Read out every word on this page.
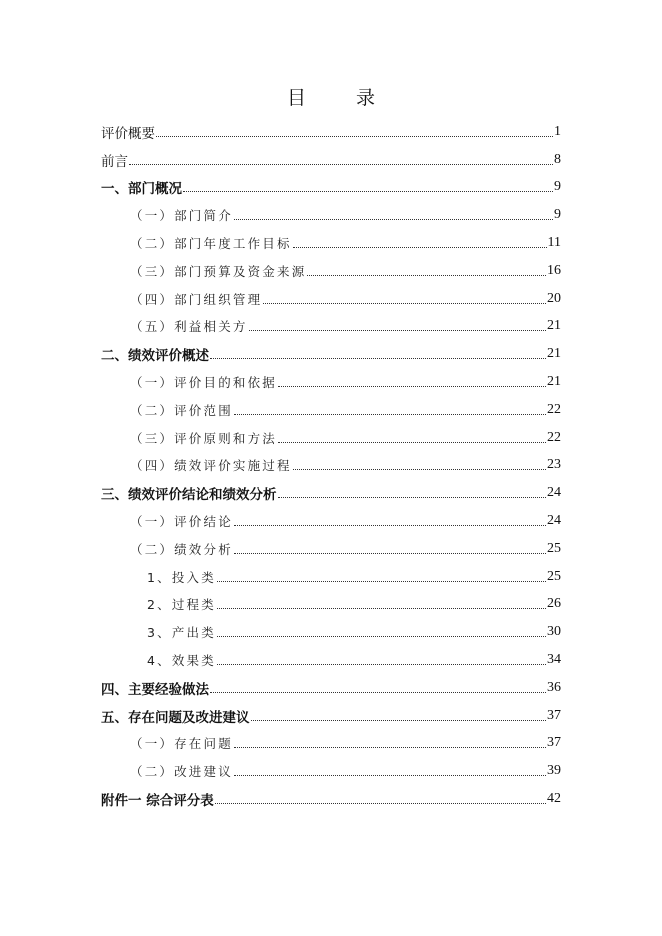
目 录
评价概要	1
前言	8
一、部门概况	9
（一）部门简介	9
（二）部门年度工作目标	11
（三）部门预算及资金来源	16
（四）部门组织管理	20
（五）利益相关方	21
二、绩效评价概述	21
（一）评价目的和依据	21
（二）评价范围	22
（三）评价原则和方法	22
（四）绩效评价实施过程	23
三、绩效评价结论和绩效分析	24
（一）评价结论	24
（二）绩效分析	25
1、投入类	25
2、过程类	26
3、产出类	30
4、效果类	34
四、主要经验做法	36
五、存在问题及改进建议	37
（一）存在问题	37
（二）改进建议	39
附件一 综合评分表	42
